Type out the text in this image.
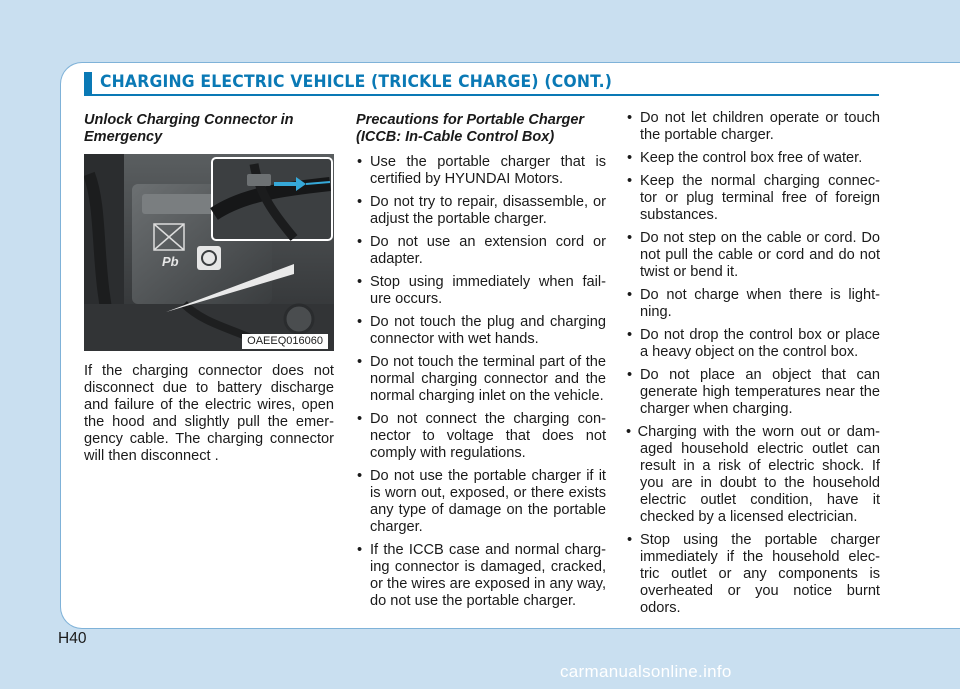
CHARGING ELECTRIC VEHICLE (TRICKLE CHARGE) (CONT.)
Unlock Charging Connector in Emergency
Pb
OAEEQ016060

If the charging connector does not disconnect due to battery discharge and failure of the electric wires, open the hood and slightly pull the emer-gency cable. The charging connector will then disconnect .

Precautions for Portable Charger (ICCB: In-Cable Control Box)
• Use the portable charger that is certified by HYUNDAI Motors.
• Do not try to repair, disassemble, or adjust the portable charger.
• Do not use an extension cord or adapter.
• Stop using immediately when fail-ure occurs.
• Do not touch the plug and charging connector with wet hands.
• Do not touch the terminal part of the normal charging connector and the normal charging inlet on the vehicle.
• Do not connect the charging con-nector to voltage that does not comply with regulations.
• Do not use the portable charger if it is worn out, exposed, or there exists any type of damage on the portable charger.
• If the ICCB case and normal charg-ing connector is damaged, cracked, or the wires are exposed in any way, do not use the portable charger.
• Do not let children operate or touch the portable charger.
• Keep the control box free of water.
• Keep the normal charging connec-tor or plug terminal free of foreign substances.
• Do not step on the cable or cord. Do not pull the cable or cord and do not twist or bend it.
• Do not charge when there is light-ning.
• Do not drop the control box or place a heavy object on the control box.
• Do not place an object that can generate high temperatures near the charger when charging.
• Charging with the worn out or dam-aged household electric outlet can result in a risk of electric shock. If you are in doubt to the household electric outlet condition, have it checked by a licensed electrician.
• Stop using the portable charger immediately if the household elec-tric outlet or any components is overheated or you notice burnt odors.
H40
carmanualsonline.info
